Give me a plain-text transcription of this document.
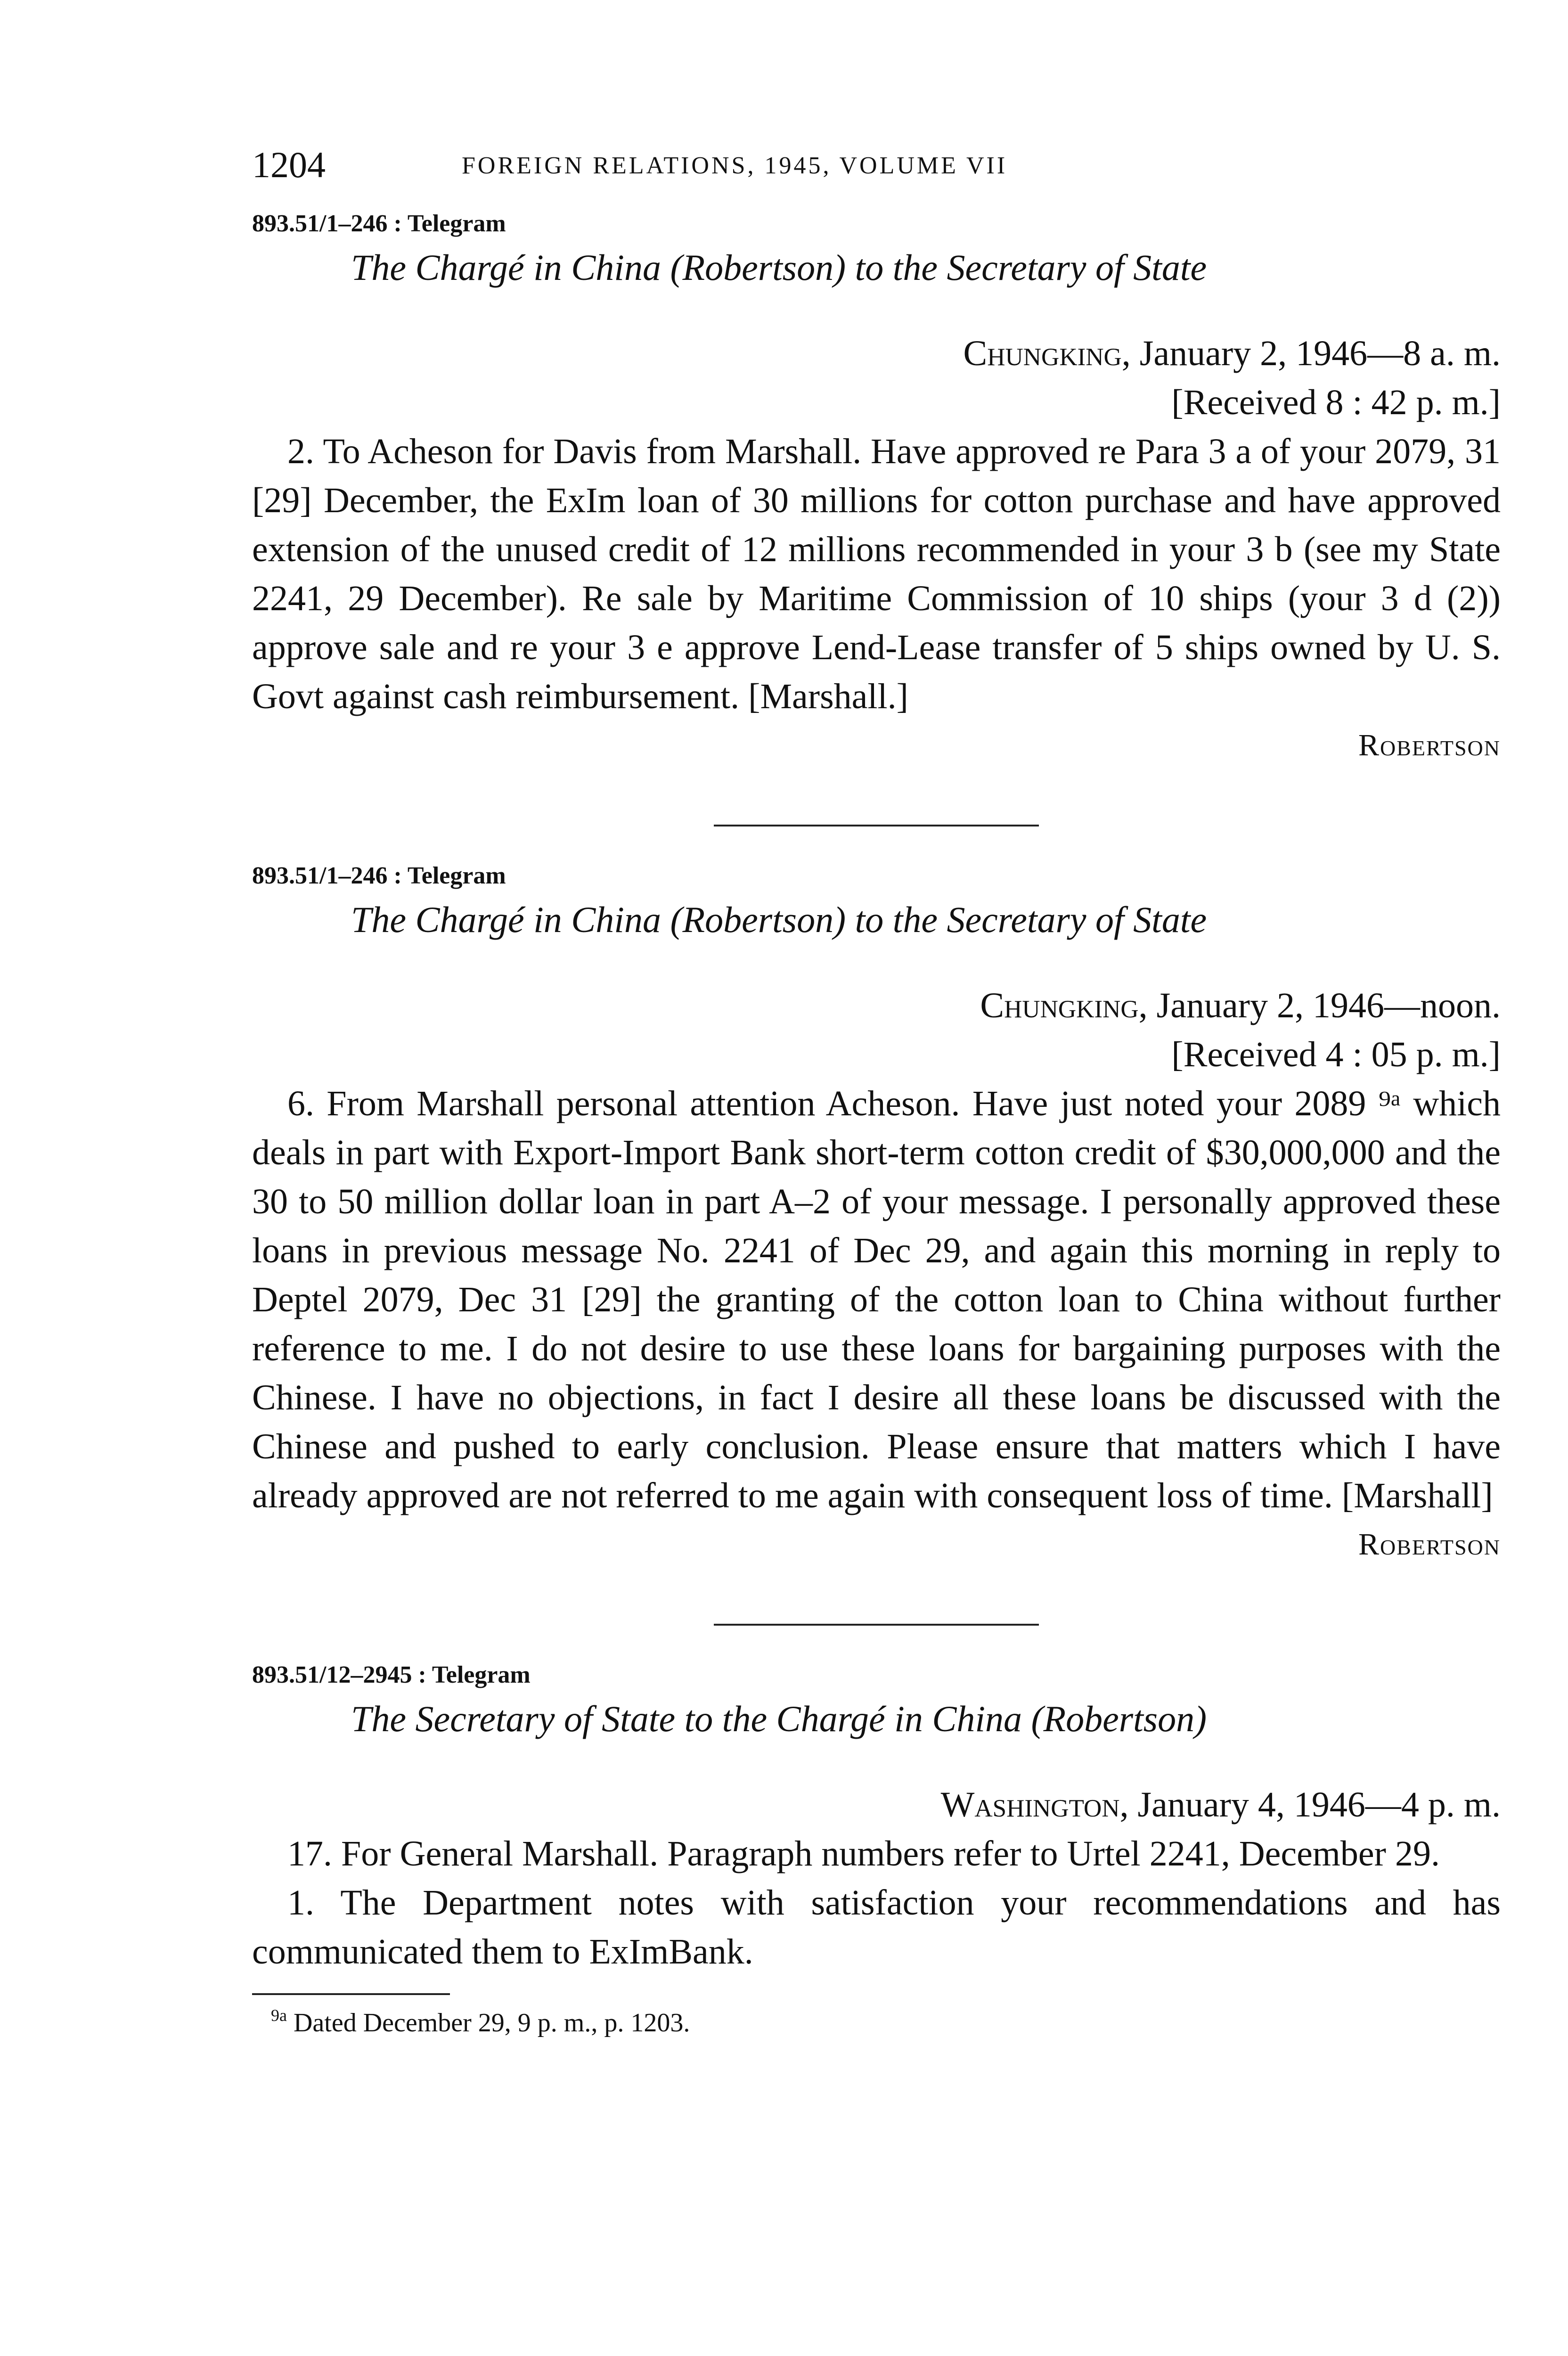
1204	FOREIGN RELATIONS, 1945, VOLUME VII
893.51/1–246 : Telegram
The Chargé in China (Robertson) to the Secretary of State
Chungking, January 2, 1946—8 a. m.
[Received 8 : 42 p. m.]

2. To Acheson for Davis from Marshall. Have approved re Para 3 a of your 2079, 31 [29] December, the ExIm loan of 30 millions for cotton purchase and have approved extension of the unused credit of 12 millions recommended in your 3 b (see my State 2241, 29 December). Re sale by Maritime Commission of 10 ships (your 3 d (2)) approve sale and re your 3 e approve Lend-Lease transfer of 5 ships owned by U. S. Govt against cash reimbursement. [Marshall.]

Robertson
893.51/1–246 : Telegram
The Chargé in China (Robertson) to the Secretary of State
Chungking, January 2, 1946—noon.
[Received 4 : 05 p. m.]

6. From Marshall personal attention Acheson. Have just noted your 2089 ⁹ᵃ which deals in part with Export-Import Bank short-term cotton credit of $30,000,000 and the 30 to 50 million dollar loan in part A–2 of your message. I personally approved these loans in previous message No. 2241 of Dec 29, and again this morning in reply to Deptel 2079, Dec 31 [29] the granting of the cotton loan to China without further reference to me. I do not desire to use these loans for bargaining purposes with the Chinese. I have no objections, in fact I desire all these loans be discussed with the Chinese and pushed to early conclusion. Please ensure that matters which I have already approved are not referred to me again with consequent loss of time. [Marshall]

Robertson
893.51/12–2945 : Telegram
The Secretary of State to the Chargé in China (Robertson)
Washington, January 4, 1946—4 p. m.

17. For General Marshall. Paragraph numbers refer to Urtel 2241, December 29.

1. The Department notes with satisfaction your recommendations and has communicated them to ExImBank.

$^{9a}$ Dated December 29, 9 p. m., p. 1203.
